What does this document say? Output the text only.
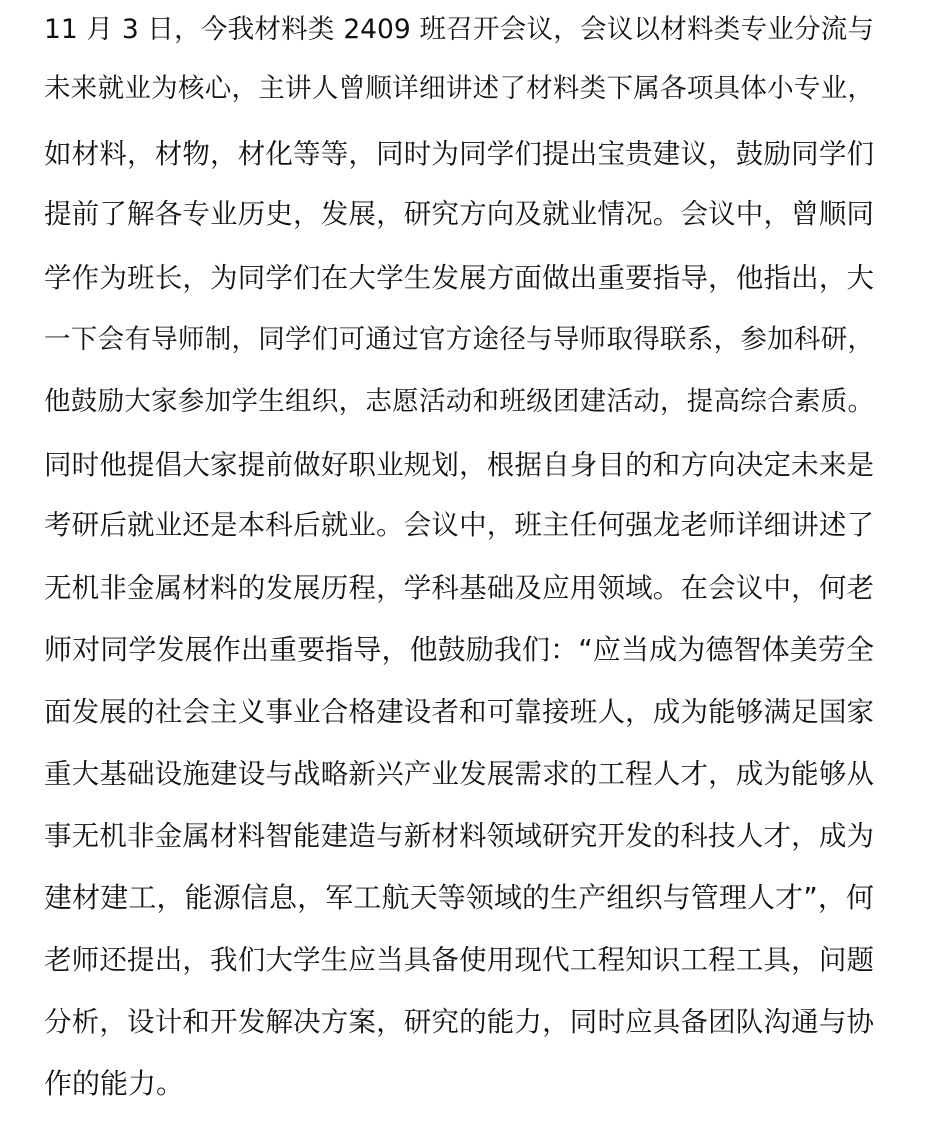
11 月 3 日，今我材料类 2409 班召开会议，会议以材料类专业分流与
未来就业为核心，主讲人曾顺详细讲述了材料类下属各项具体小专业，
如材料，材物，材化等等，同时为同学们提出宝贵建议，鼓励同学们
提前了解各专业历史，发展，研究方向及就业情况。会议中，曾顺同
学作为班长，为同学们在大学生发展方面做出重要指导，他指出，大
一下会有导师制，同学们可通过官方途径与导师取得联系，参加科研，
他鼓励大家参加学生组织，志愿活动和班级团建活动，提高综合素质。
同时他提倡大家提前做好职业规划，根据自身目的和方向决定未来是
考研后就业还是本科后就业。会议中，班主任何强龙老师详细讲述了
无机非金属材料的发展历程，学科基础及应用领域。在会议中，何老
师对同学发展作出重要指导，他鼓励我们：“应当成为德智体美劳全
面发展的社会主义事业合格建设者和可靠接班人，成为能够满足国家
重大基础设施建设与战略新兴产业发展需求的工程人才，成为能够从
事无机非金属材料智能建造与新材料领域研究开发的科技人才，成为
建材建工，能源信息，军工航天等领域的生产组织与管理人才”，何
老师还提出，我们大学生应当具备使用现代工程知识工程工具，问题
分析，设计和开发解决方案，研究的能力，同时应具备团队沟通与协
作的能力。
